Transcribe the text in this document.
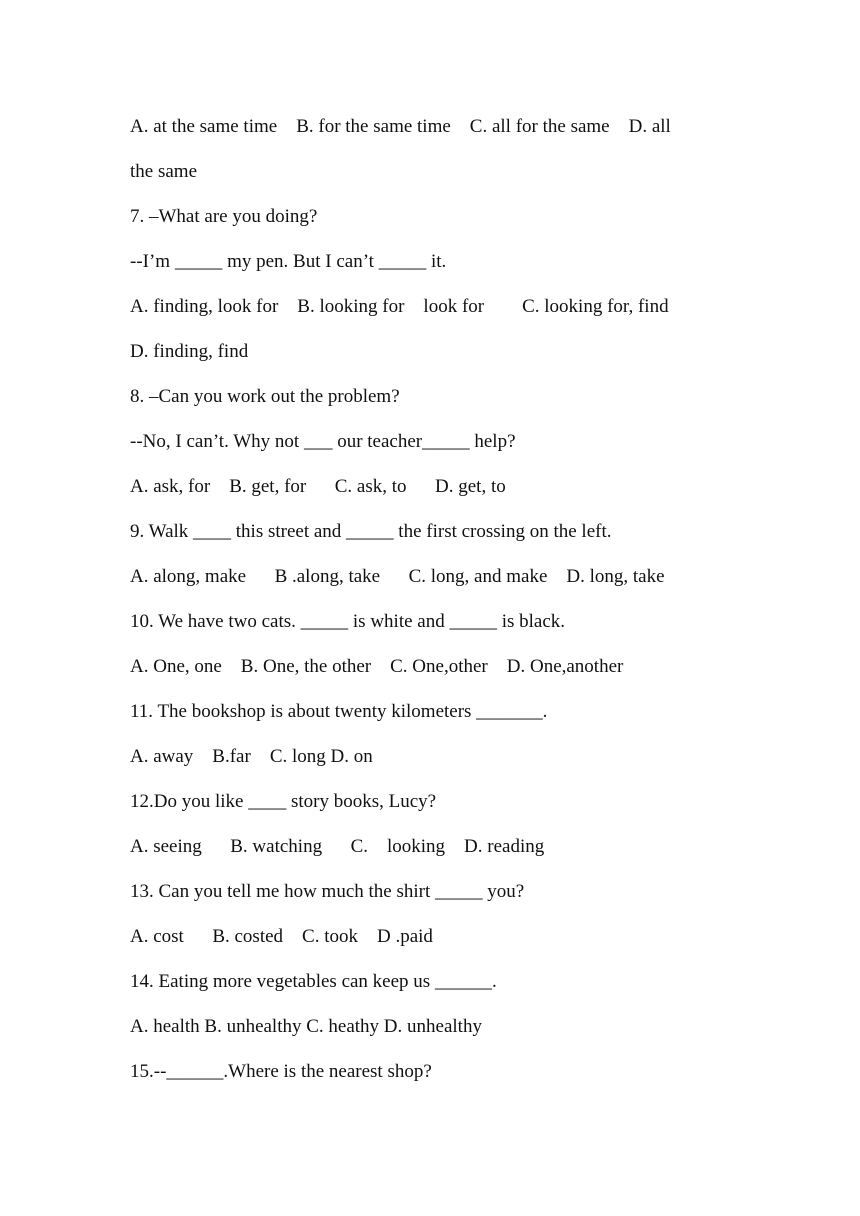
A. at the same time    B. for the same time    C. all for the same    D. all
the same
7. –What are you doing?
--I’m _____ my pen. But I can’t _____ it.
A. finding, look for    B. looking for    look for        C. looking for, find
D. finding, find
8. –Can you work out the problem?
--No, I can’t. Why not ___ our teacher_____ help?
A. ask, for    B. get, for      C. ask, to      D. get, to
9. Walk ____ this street and _____ the first crossing on the left.
A. along, make      B .along, take      C. long, and make    D. long, take
10. We have two cats. _____ is white and _____ is black.
A. One, one    B. One, the other    C. One,other    D. One,another
11. The bookshop is about twenty kilometers _______.
A. away    B.far    C. long D. on
12.Do you like ____ story books, Lucy?
A. seeing      B. watching      C.    looking    D. reading
13. Can you tell me how much the shirt _____ you?
A. cost      B. costed    C. took    D .paid
14. Eating more vegetables can keep us ______.
A. health B. unhealthy C. heathy D. unhealthy
15.--______.Where is the nearest shop?
